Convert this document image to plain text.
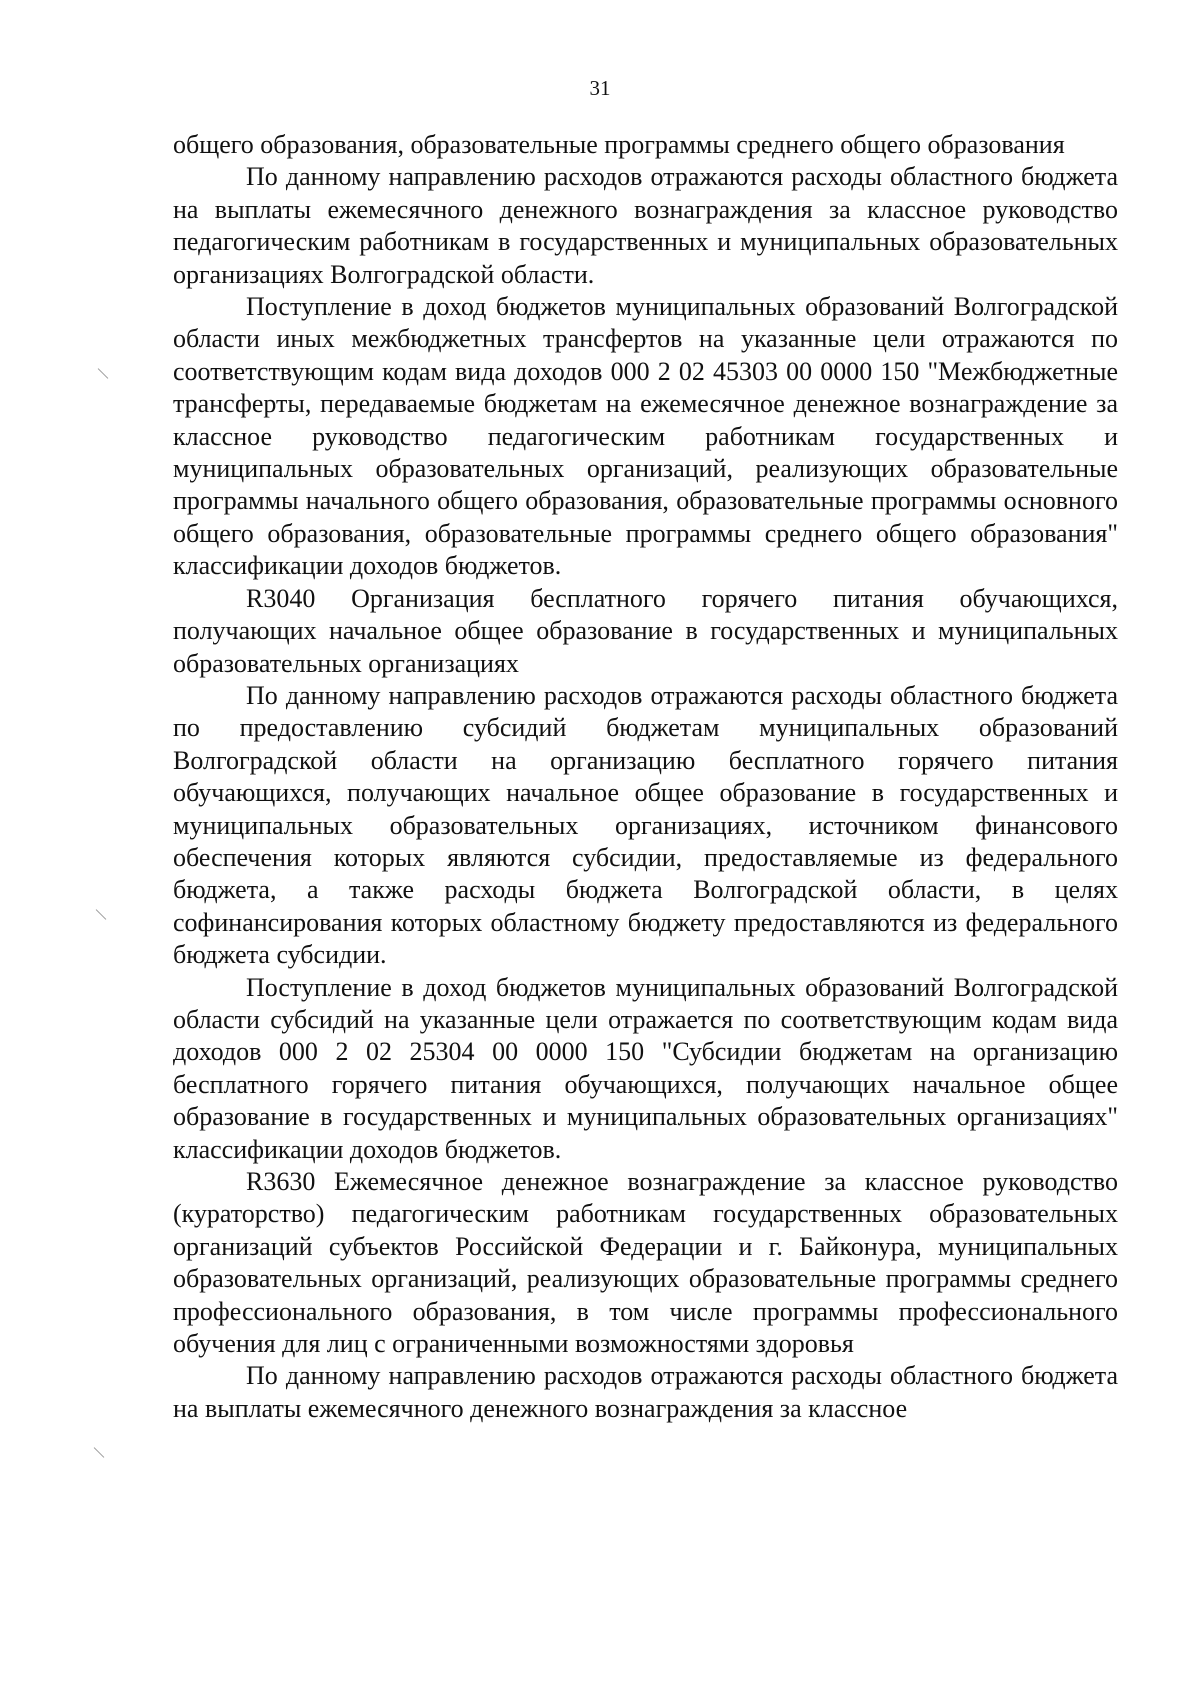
31

общего образования, образовательные программы среднего общего образования

По данному направлению расходов отражаются расходы областного бюджета на выплаты ежемесячного денежного вознаграждения за классное руководство педагогическим работникам в государственных и муниципальных образовательных организациях Волгоградской области.

Поступление в доход бюджетов муниципальных образований Волгоградской области иных межбюджетных трансфертов на указанные цели отражаются по соответствующим кодам вида доходов 000 2 02 45303 00 0000 150 "Межбюджетные трансферты, передаваемые бюджетам на ежемесячное денежное вознаграждение за классное руководство педагогическим работникам государственных и муниципальных образовательных организаций, реализующих образовательные программы начального общего образования, образовательные программы основного общего образования, образовательные программы среднего общего образования" классификации доходов бюджетов.

R3040 Организация бесплатного горячего питания обучающихся, получающих начальное общее образование в государственных и муниципальных образовательных организациях

По данному направлению расходов отражаются расходы областного бюджета по предоставлению субсидий бюджетам муниципальных образований Волгоградской области на организацию бесплатного горячего питания обучающихся, получающих начальное общее образование в государственных и муниципальных образовательных организациях, источником финансового обеспечения которых являются субсидии, предоставляемые из федерального бюджета, а также расходы бюджета Волгоградской области, в целях софинансирования которых областному бюджету предоставляются из федерального бюджета субсидии.

Поступление в доход бюджетов муниципальных образований Волгоградской области субсидий на указанные цели отражается по соответствующим кодам вида доходов 000 2 02 25304 00 0000 150 "Субсидии бюджетам на организацию бесплатного горячего питания обучающихся, получающих начальное общее образование в государственных и муниципальных образовательных организациях" классификации доходов бюджетов.

R3630 Ежемесячное денежное вознаграждение за классное руководство (кураторство) педагогическим работникам государственных образовательных организаций субъектов Российской Федерации и г. Байконура, муниципальных образовательных организаций, реализующих образовательные программы среднего профессионального образования, в том числе программы профессионального обучения для лиц с ограниченными возможностями здоровья

По данному направлению расходов отражаются расходы областного бюджета на выплаты ежемесячного денежного вознаграждения за классное
